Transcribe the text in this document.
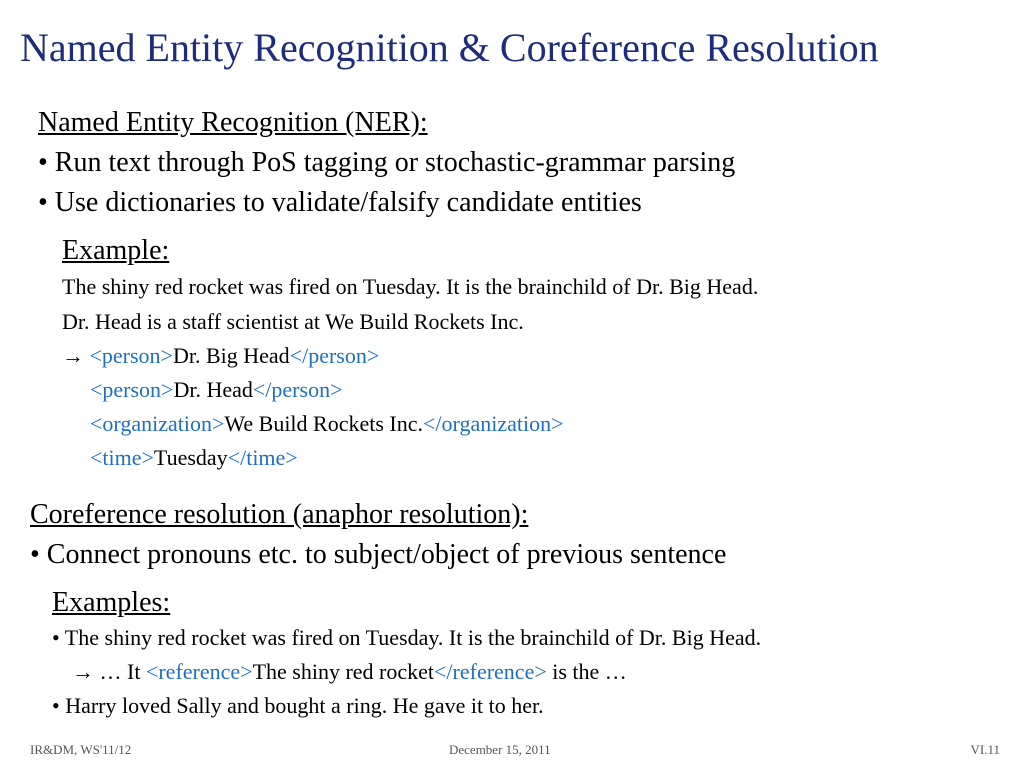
Named Entity Recognition & Coreference Resolution
Named Entity Recognition (NER):
• Run text through PoS tagging or stochastic-grammar parsing
• Use dictionaries to validate/falsify candidate entities
Example:
The shiny red rocket was fired on Tuesday. It is the brainchild of Dr. Big Head.
Dr. Head is a staff scientist at We Build Rockets Inc.
→ <person>Dr. Big Head</person>
<person>Dr. Head</person>
<organization>We Build Rockets Inc.</organization>
<time>Tuesday</time>
Coreference resolution (anaphor resolution):
• Connect pronouns etc. to subject/object of previous sentence
Examples:
• The shiny red rocket was fired on Tuesday. It is the brainchild of Dr. Big Head.
→ … It <reference>The shiny red rocket</reference> is the …
• Harry loved Sally and bought a ring. He gave it to her.
IR&DM, WS'11/12	December 15, 2011	VI.11
